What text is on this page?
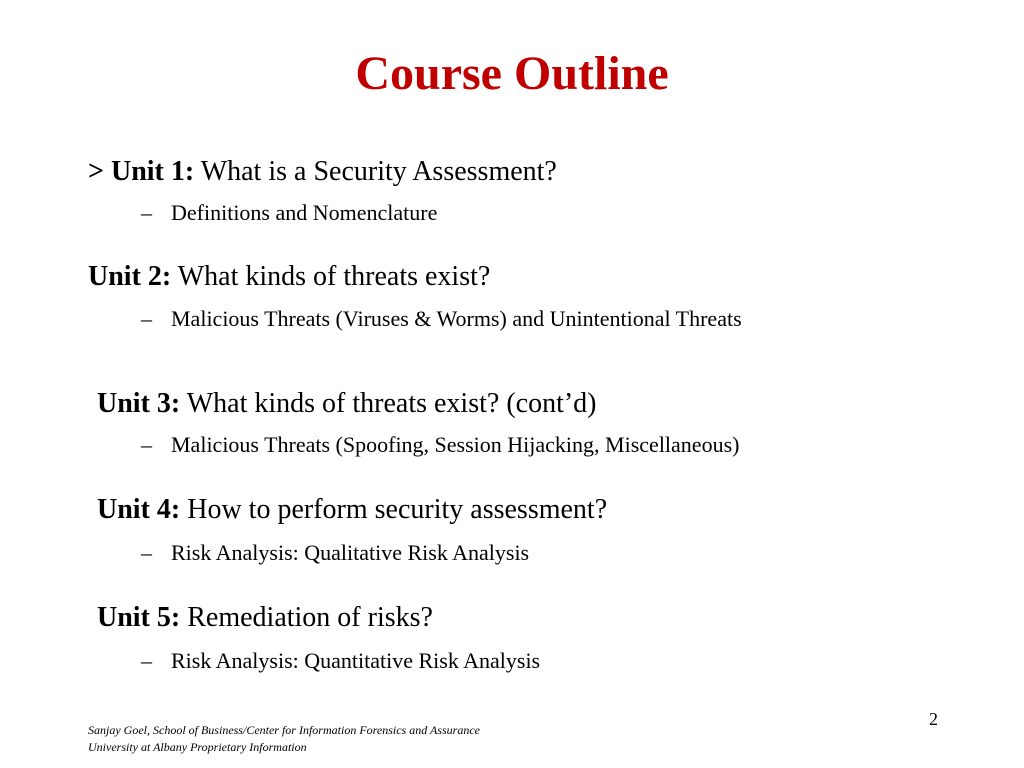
Course Outline
> Unit 1: What is a Security Assessment?
– Definitions and Nomenclature
Unit 2: What kinds of threats exist?
– Malicious Threats (Viruses & Worms) and Unintentional Threats
Unit 3: What kinds of threats exist? (cont’d)
– Malicious Threats (Spoofing, Session Hijacking, Miscellaneous)
Unit 4: How to perform security assessment?
– Risk Analysis: Qualitative Risk Analysis
Unit 5: Remediation of risks?
– Risk Analysis: Quantitative Risk Analysis
Sanjay Goel, School of Business/Center for Information Forensics and Assurance
University at Albany Proprietary Information
2
